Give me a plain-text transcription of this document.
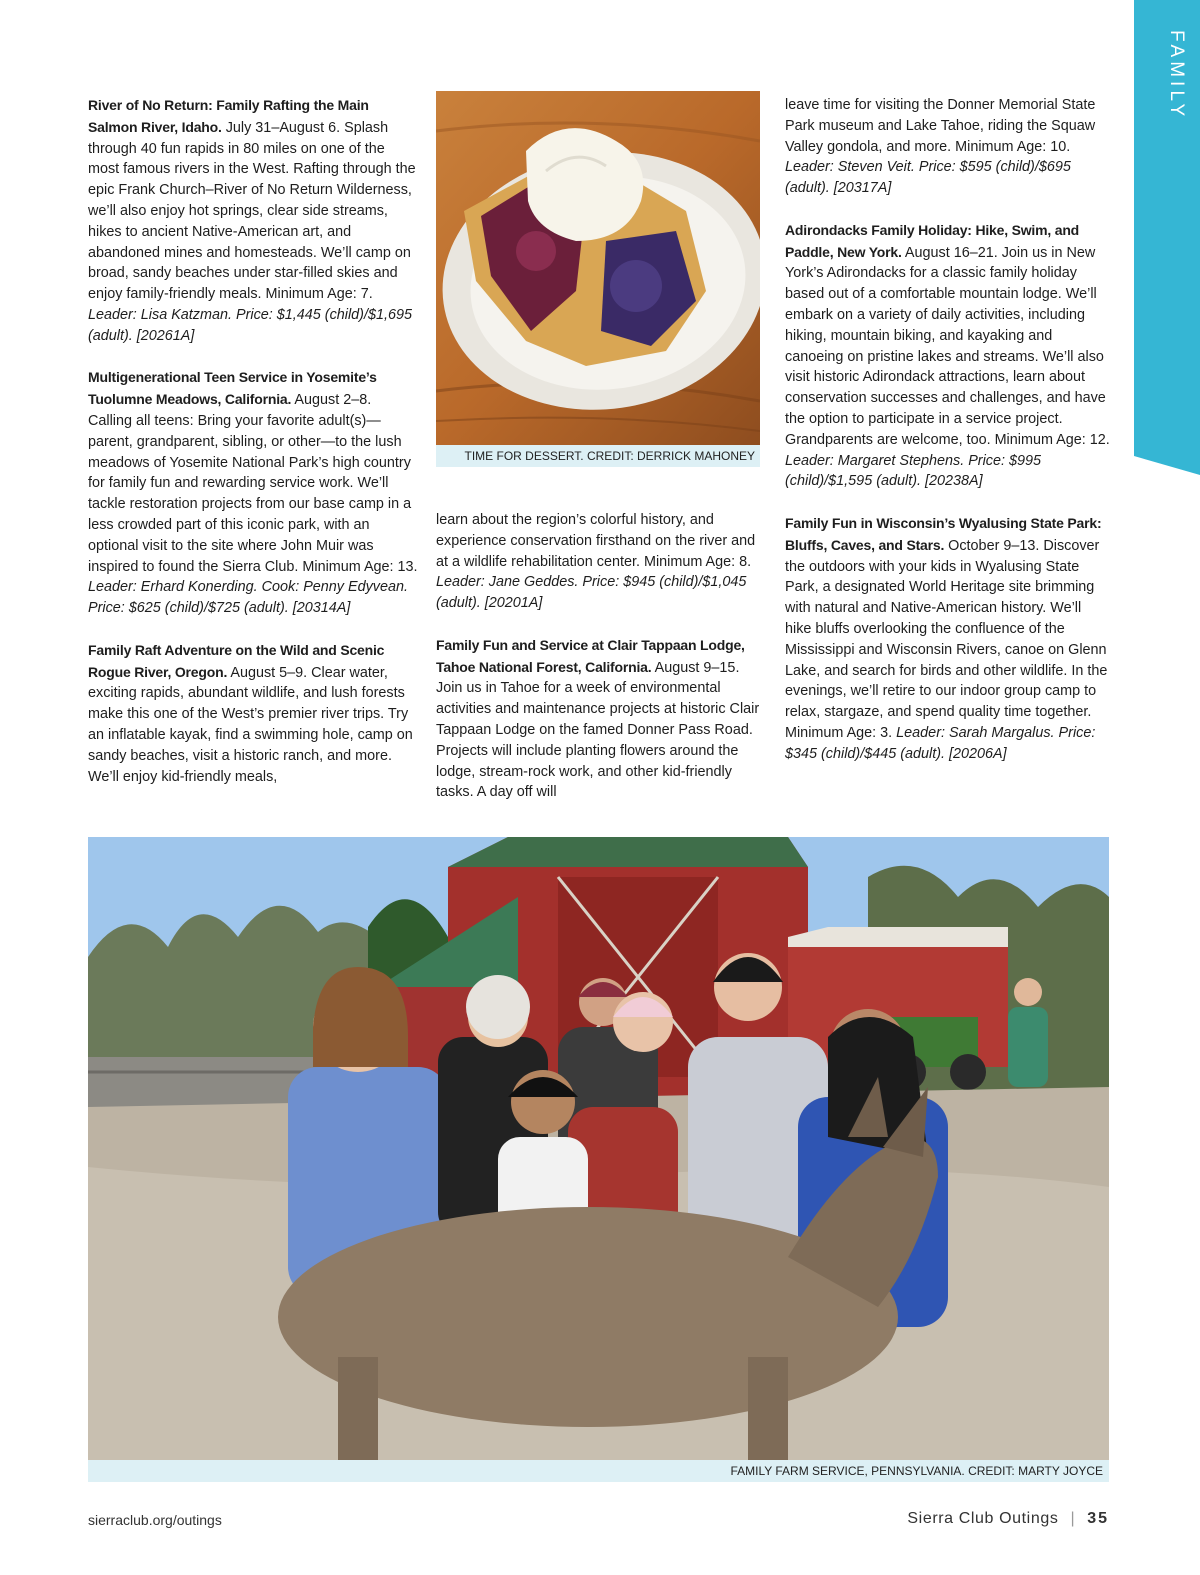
FAMILY

River of No Return: Family Rafting the Main Salmon River, Idaho. July 31–August 6. Splash through 40 fun rapids in 80 miles on one of the most famous rivers in the West. Rafting through the epic Frank Church–River of No Return Wilderness, we’ll also enjoy hot springs, clear side streams, hikes to ancient Native-American art, and abandoned mines and homesteads. We’ll camp on broad, sandy beaches under star-filled skies and enjoy family-friendly meals. Minimum Age: 7. Leader: Lisa Katzman. Price: $1,445 (child)/$1,695 (adult). [20261A]

Multigenerational Teen Service in Yosemite’s Tuolumne Meadows, California. August 2–8. Calling all teens: Bring your favorite adult(s)—parent, grandparent, sibling, or other—to the lush meadows of Yosemite National Park’s high country for family fun and rewarding service work. We’ll tackle restoration projects from our base camp in a less crowded part of this iconic park, with an optional visit to the site where John Muir was inspired to found the Sierra Club. Minimum Age: 13. Leader: Erhard Konerding. Cook: Penny Edyvean. Price: $625 (child)/$725 (adult). [20314A]

Family Raft Adventure on the Wild and Scenic Rogue River, Oregon. August 5–9. Clear water, exciting rapids, abundant wildlife, and lush forests make this one of the West’s premier river trips. Try an inflatable kayak, find a swimming hole, camp on sandy beaches, visit a historic ranch, and more. We’ll enjoy kid-friendly meals,

TIME FOR DESSERT. CREDIT: DERRICK MAHONEY

learn about the region’s colorful history, and experience conservation firsthand on the river and at a wildlife rehabilitation center. Minimum Age: 8. Leader: Jane Geddes. Price: $945 (child)/$1,045 (adult). [20201A]

Family Fun and Service at Clair Tappaan Lodge, Tahoe National Forest, California. August 9–15. Join us in Tahoe for a week of environmental activities and maintenance projects at historic Clair Tappaan Lodge on the famed Donner Pass Road. Projects will include planting flowers around the lodge, stream-rock work, and other kid-friendly tasks. A day off will

leave time for visiting the Donner Memorial State Park museum and Lake Tahoe, riding the Squaw Valley gondola, and more. Minimum Age: 10. Leader: Steven Veit. Price: $595 (child)/$695 (adult). [20317A]

Adirondacks Family Holiday: Hike, Swim, and Paddle, New York. August 16–21. Join us in New York’s Adirondacks for a classic family holiday based out of a comfortable mountain lodge. We’ll embark on a variety of daily activities, including hiking, mountain biking, and kayaking and canoeing on pristine lakes and streams. We’ll also visit historic Adirondack attractions, learn about conservation successes and challenges, and have the option to participate in a service project. Grandparents are welcome, too. Minimum Age: 12. Leader: Margaret Stephens. Price: $995 (child)/$1,595 (adult). [20238A]

Family Fun in Wisconsin’s Wyalusing State Park: Bluffs, Caves, and Stars. October 9–13. Discover the outdoors with your kids in Wyalusing State Park, a designated World Heritage site brimming with natural and Native-American history. We’ll hike bluffs overlooking the confluence of the Mississippi and Wisconsin Rivers, canoe on Glenn Lake, and search for birds and other wildlife. In the evenings, we’ll retire to our indoor group camp to relax, stargaze, and spend quality time together. Minimum Age: 3. Leader: Sarah Margalus. Price: $345 (child)/$445 (adult). [20206A]

FAMILY FARM SERVICE, PENNSYLVANIA. CREDIT: MARTY JOYCE
sierraclub.org/outings	Sierra Club Outings | 35
